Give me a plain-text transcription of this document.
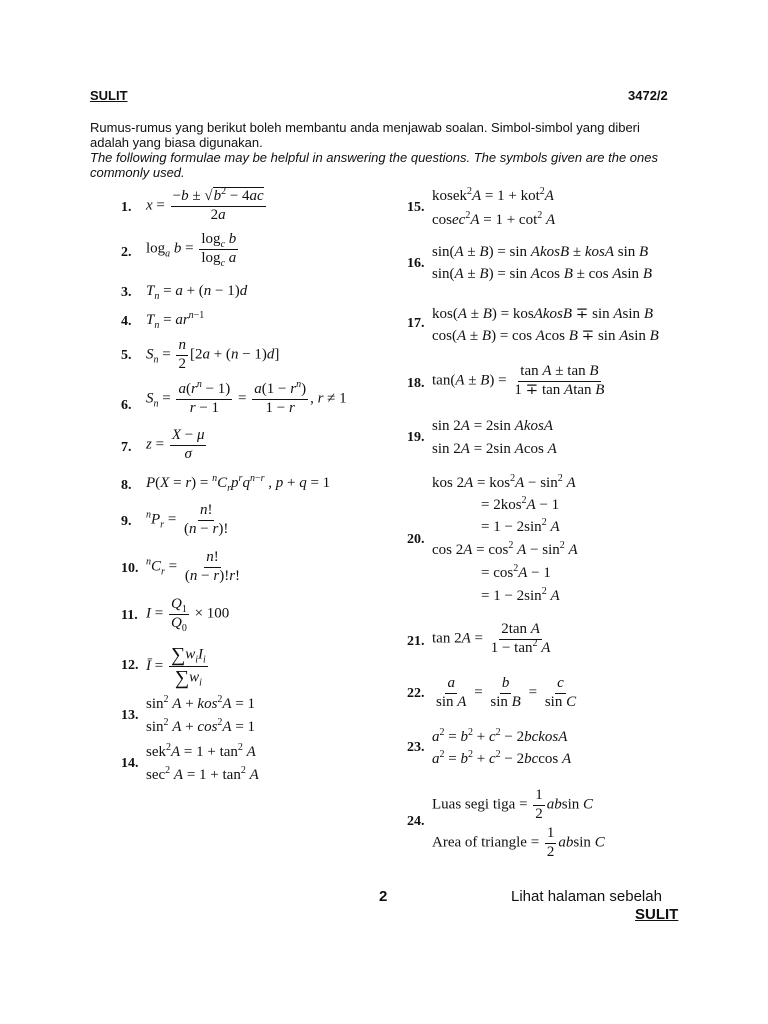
SULIT	3472/2
Rumus-rumus yang berikut boleh membantu anda menjawab soalan. Simbol-simbol yang diberi adalah yang biasa digunakan.
The following formulae may be helpful in answering the questions. The symbols given are the ones commonly used.
1. $x = \frac{-b \pm √b^2 - 4ac}{2a}$
2. $\log_a b = \frac{\log_c b}{\log_c a}$
3. $T_n = a + (n - 1)d$
4. $T_n = ar^{n-1}$
5. $S_n = \frac{n}{2} [2a + (n - 1)d]$
6. $S_n = \frac{a(r^n - 1)}{r - 1} = \frac{a(1 - r^n)}{1 - r}$ , r ≠ 1
7. $z = \frac{X - \mu}{\sigma}$
8. $P(X = r) = ^nC_rp^rq^{n-r}$ , p + q = 1
9. $^nP_r = \frac{n!}{(n - r)!}$
10. $^nC_r = \frac{n!}{(n - r)!r!}$
11. $I = \frac{Q_1}{Q_0} \times 100$
12. Ī = $\sum w_iI_i$
$\sum w_i$
13.
$\sin^2 A + kos^2A = 1$
$\sin^2 A + \cos^2A = 1$
14.
$sek^2A = 1 + \tan^2 A$
$\sec^2 A = 1 + \tan^2 A$
15.
kosek$^2$A = 1 + kot$^2$A
$cosec^2A = 1 + \cot^2 A$
16.
sin(A ± B) = sin AkosB ± kosA sin B
sin(A ± B) = sin Acos B ± cos Asin B
17.
kos(A ± B) = kosAkosB ∓ sin Asin B
cos(A ± B) = cos Acos B ∓ sin Asin B
18. $\tan(A \pm B) = \frac{\text{tan A ± tan B}}{\text{1 ∓ tan Atan B}}$
19.
sin 2A = 2sin AkosA
sin 2A = 2sin Acos A
20.
kos $2A = kos^2A - \sin^2 A$
= 2kos$^2$A − 1
= $1 - 2\sin^2$ A
$\cos 2A = \cos^2 A - \sin^2 A$
= $\cos^2A - 1$
= $1 - 2\sin^2$ A
21. $\tan 2A = \frac{\text{2tan A}}{1 - \tan^2 A}$
22. $\frac{a}{\text{sin A}} = \frac{b}{\text{sin B}} = \frac{c}{\text{sin C}}$
23.
$a^2 = b^2 + c^2$ − 2bckosA
$a^2 = b^2 + c^2 - 2bccos$ A
24.
Luas segi tiga = $\frac{1}{2}$ absin C
Area of triangle = $\frac{1}{2}$ absin C
2	Lihat halaman sebelah
SULIT
